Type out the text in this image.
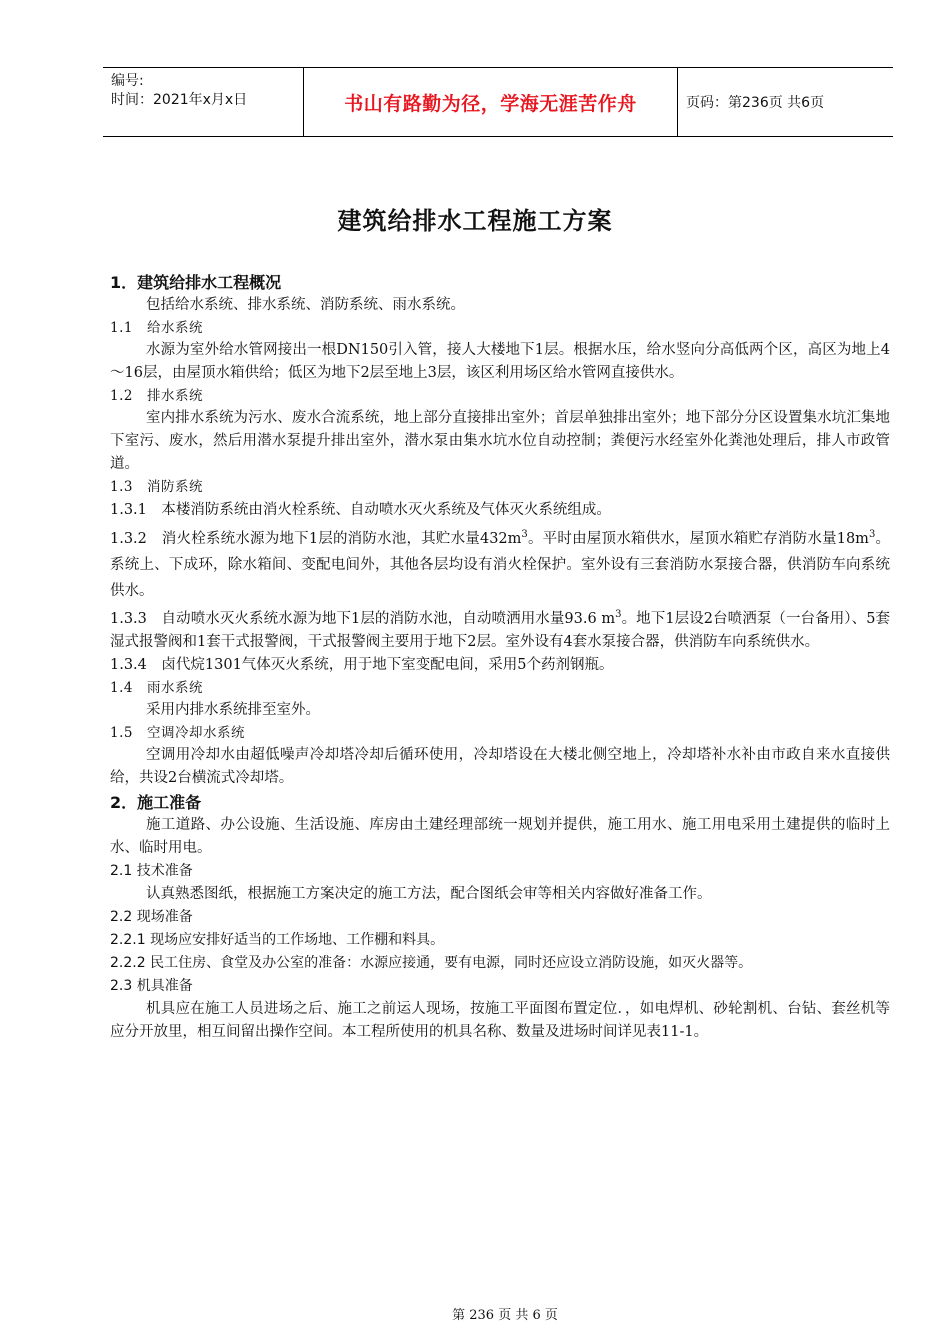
编号:
时间：2021年x月x日	书山有路勤为径，学海无涯苦作舟	页码：第236页 共6页
建筑给排水工程施工方案
1．建筑给排水工程概况
包括给水系统、排水系统、消防系统、雨水系统。
1.1　给水系统
水源为室外给水管网接出一根DN150引入管，接人大楼地下1层。根据水压，给水竖向分高低两个区，高区为地上4～16层，由屋顶水箱供给；低区为地下2层至地上3层，该区利用场区给水管网直接供水。
1.2　排水系统
室内排水系统为污水、废水合流系统，地上部分直接排出室外；首层单独排出室外；地下部分分区设置集水坑汇集地下室污、废水，然后用潜水泵提升排出室外，潜水泵由集水坑水位自动控制；粪便污水经室外化粪池处理后，排人市政管道。
1.3　消防系统
1.3.1　本楼消防系统由消火栓系统、自动喷水灭火系统及气体灭火系统组成。
1.3.2　消火栓系统水源为地下1层的消防水池，其贮水量$432m^3$。平时由屋顶水箱供水，屋顶水箱贮存消防水量$18m^3$。系统上、下成环，除水箱间、变配电间外，其他各层均设有消火栓保护。室外设有三套消防水泵接合器，供消防车向系统供水。
1.3.3　自动喷水灭火系统水源为地下1层的消防水池，自动喷洒用水量93.6 $m^3$。地下1层设2台喷洒泵（一台备用）、5套湿式报警阀和1套干式报警阀，干式报警阀主要用于地下2层。室外设有4套水泵接合器，供消防车向系统供水。
1.3.4　卤代烷1301气体灭火系统，用于地下室变配电间，采用5个药剂钢瓶。
1.4　雨水系统
采用内排水系统排至室外。
1.5　空调冷却水系统
空调用冷却水由超低噪声冷却塔冷却后循环使用，冷却塔设在大楼北侧空地上，冷却塔补水补由市政自来水直接供给，共设2台横流式冷却塔。
2．施工准备
施工道路、办公设施、生活设施、库房由土建经理部统一规划并提供，施工用水、施工用电采用土建提供的临时上水、临时用电。
2.1 技术准备
认真熟悉图纸，根据施工方案决定的施工方法，配合图纸会审等相关内容做好准备工作。
2.2 现场准备
2.2.1 现场应安排好适当的工作场地、工作棚和料具。
2.2.2 民工住房、食堂及办公室的准备：水源应接通，要有电源，同时还应设立消防设施，如灭火器等。
2.3 机具准备
机具应在施工人员进场之后、施工之前运人现场，按施工平面图布置定位．，如电焊机、砂轮割机、台钻、套丝机等应分开放里，相互间留出操作空间。本工程所使用的机具名称、数量及进场时间详见表11-1。
第 236 页 共 6 页
